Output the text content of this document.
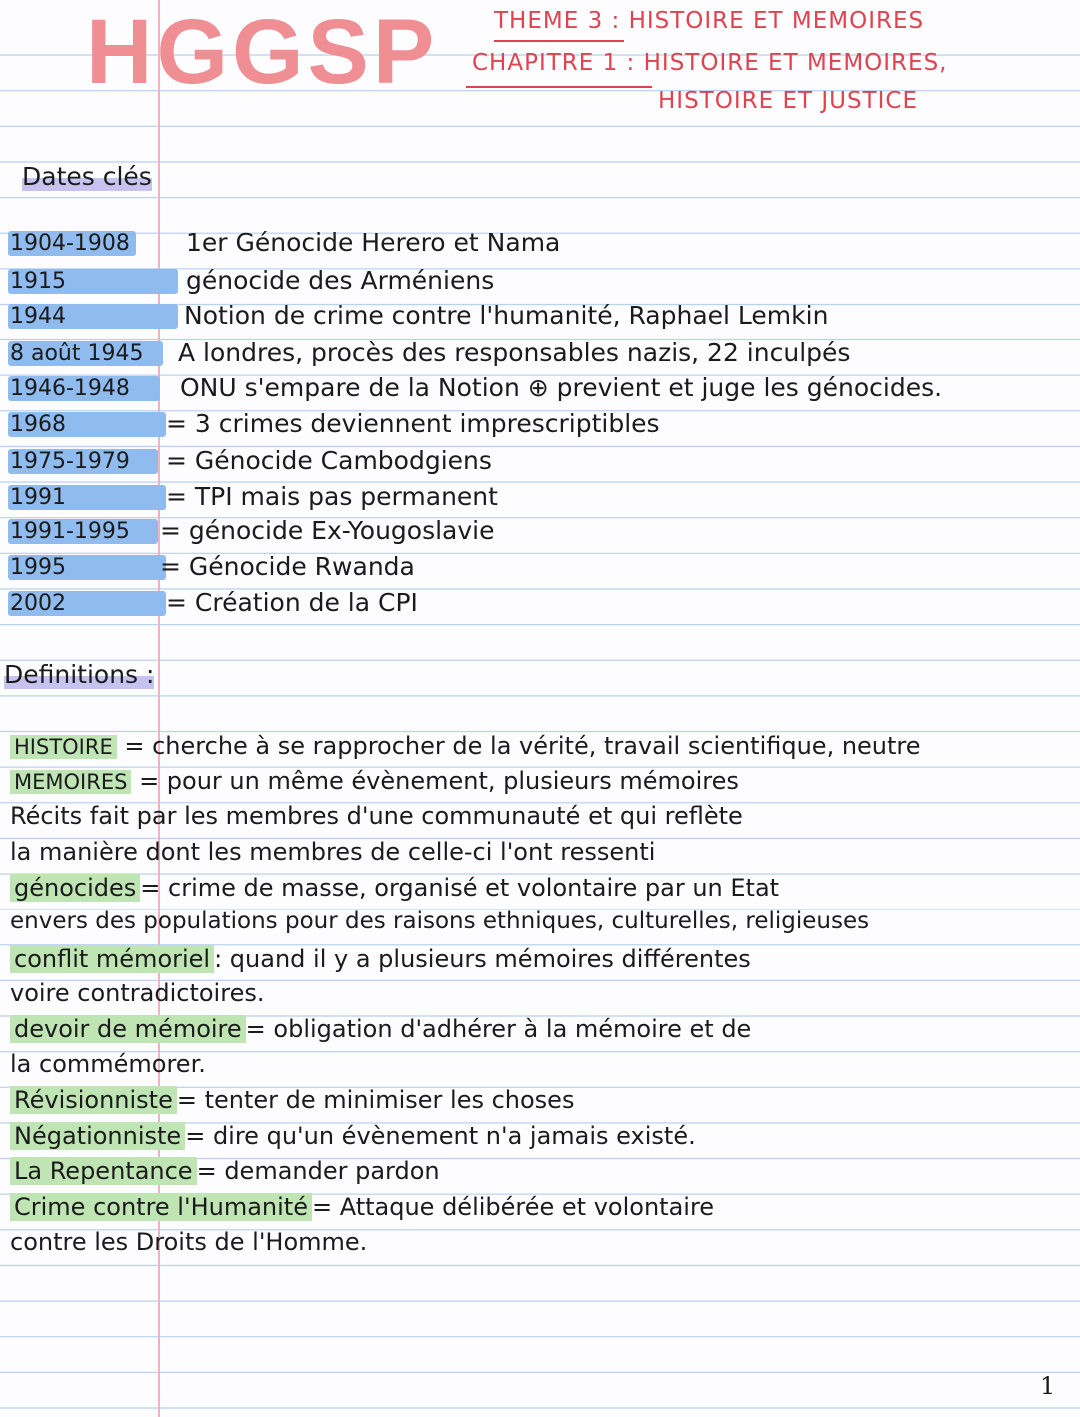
HGGSP THEME 3 : HISTOIRE ET MEMOIRES
CHAPITRE 1 : HISTOIRE ET MEMOIRES,
HISTOIRE ET JUSTICE
Dates clés
1904-1908 1er Génocide Herero et Nama
1915	génocide des Arméniens
1944	Notion de crime contre l'humanité, Raphael Lemkin
8 août 1945	A londres, procès des responsables nazis, 22 inculpés
1946-1948	ONU s'empare de la Notion ⊕ previent et juge les génocides.
1968	= 3 crimes deviennent imprescriptibles
1975-1979	= Génocide Cambodgiens
1991	= TPI mais pas permanent
1991-1995	= génocide Ex-Yougoslavie
1995	= Génocide Rwanda
2002	= Création de la CPI
Definitions :
HISTOIRE = cherche à se rapprocher de la vérité, travail scientifique, neutre
MEMOIRES = pour un même évènement, plusieurs mémoires
Récits fait par les membres d'une communauté et qui reflète
la manière dont les membres de celle-ci l'ont ressenti
génocides = crime de masse, organisé et volontaire par un Etat
envers des populations pour des raisons ethniques, culturelles, religieuses
conflit mémoriel : quand il y a plusieurs mémoires différentes
voire contradictoires.
devoir de mémoire = obligation d'adhérer à la mémoire et de
la commémorer.
Révisionniste = tenter de minimiser les choses
Négationniste = dire qu'un évènement n'a jamais existé.
La Repentance = demander pardon
Crime contre l'Humanité = Attaque délibérée et volontaire
contre les Droits de l'Homme.
1
